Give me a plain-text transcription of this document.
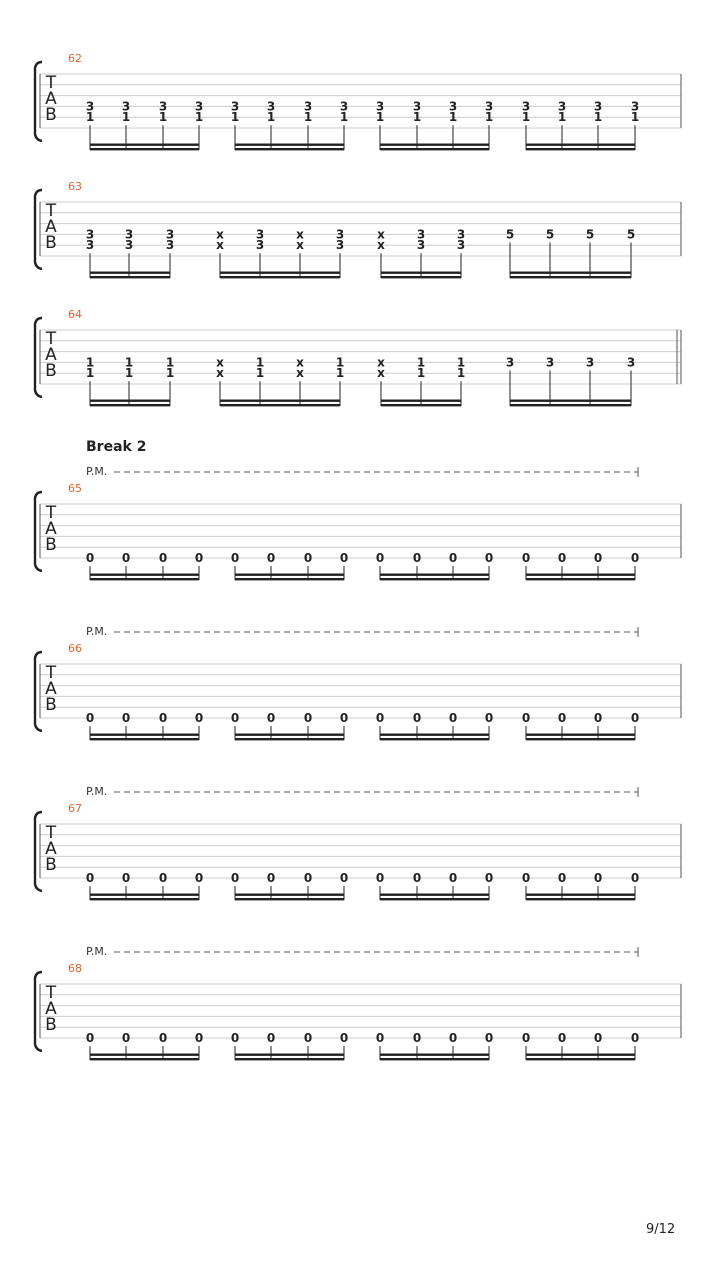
T
A
B
62
3
1
3
1
3
1
3
1
3
1
3
1
3
1
3
1
3
1
3
1
3
1
3
1
3
1
3
1
3
1
3
1
T
A
B
63
3
3
3
3
3
3
x
x
3
3
x
x
3
3
x
x
3
3
3
3
5	5	5	5
T
A
B
64
1
1
1
1
1
1
x
x
1
1
x
x
1
1
x
x
1
1
1
1
3	3	3	3
T
A
B
65
0 0 0 0 0 0 0 0 0 0 0 0 0 0 0 0
P.M.
Break 2
T
A
B
66
0 0 0 0 0 0 0 0 0 0 0 0 0 0 0 0
P.M.
T
A
B
67
0 0 0 0 0 0 0 0 0 0 0 0 0 0 0 0
P.M.
T
A
B
68
0 0 0 0 0 0 0 0 0 0 0 0 0 0 0 0
P.M.
9/12
